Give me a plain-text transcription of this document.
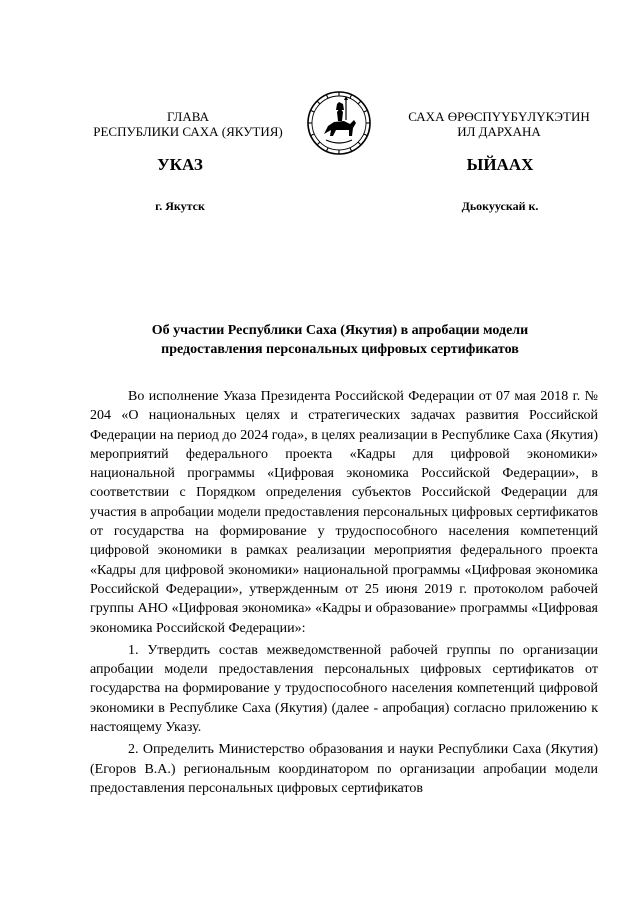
ГЛАВА
РЕСПУБЛИКИ САХА (ЯКУТИЯ)
САХА ӨРӨСПҮҮБҮЛҮКЭТИН
ИЛ ДАРХАНА
УКАЗ	ЫЙААХ
г. Якутск	Дьокуускай к.
Об участии Республики Саха (Якутия) в апробации модели
предоставления персональных цифровых сертификатов

Во исполнение Указа Президента Российской Федерации от 07 мая 2018 г. № 204 «О национальных целях и стратегических задачах развития Российской Федерации на период до 2024 года», в целях реализации в Республике Саха (Якутия) мероприятий федерального проекта «Кадры для цифровой экономики» национальной программы «Цифровая экономика Российской Федерации», в соответствии с Порядком определения субъектов Российской Федерации для участия в апробации модели предоставления персональных цифровых сертификатов от государства на формирование у трудоспособного населения компетенций цифровой экономики в рамках реализации мероприятия федерального проекта «Кадры для цифровой экономики» национальной программы «Цифровая экономика Российской Федерации», утвержденным от 25 июня 2019 г. протоколом рабочей группы АНО «Цифровая экономика» «Кадры и образование» программы «Цифровая экономика Российской Федерации»:

1. Утвердить состав межведомственной рабочей группы по организации апробации модели предоставления персональных цифровых сертификатов от государства на формирование у трудоспособного населения компетенций цифровой экономики в Республике Саха (Якутия) (далее - апробация) согласно приложению к настоящему Указу.

2. Определить Министерство образования и науки Республики Саха (Якутия) (Егоров В.А.) региональным координатором по организации апробации модели предоставления персональных цифровых сертификатов
